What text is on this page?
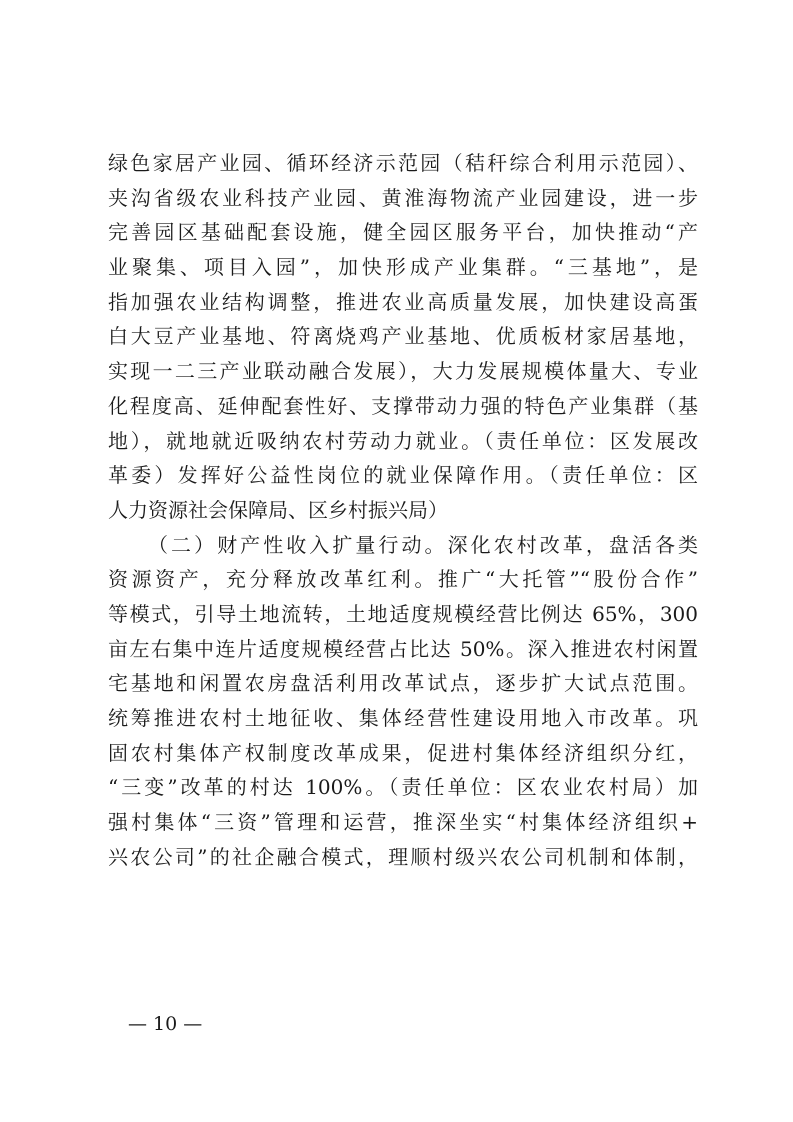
绿色家居产业园、循环经济示范园（秸秆综合利用示范园）、
夹沟省级农业科技产业园、黄淮海物流产业园建设，进一步
完善园区基础配套设施，健全园区服务平台，加快推动“产
业聚集、项目入园”，加快形成产业集群。“三基地”，是
指加强农业结构调整，推进农业高质量发展，加快建设高蛋
白大豆产业基地、符离烧鸡产业基地、优质板材家居基地，
实现一二三产业联动融合发展），大力发展规模体量大、专业
化程度高、延伸配套性好、支撑带动力强的特色产业集群（基
地），就地就近吸纳农村劳动力就业。（责任单位：区发展改
革委）发挥好公益性岗位的就业保障作用。（责任单位：区
人力资源社会保障局、区乡村振兴局）
（二）财产性收入扩量行动。深化农村改革，盘活各类
资源资产，充分释放改革红利。推广“大托管”“股份合作”
等模式，引导土地流转，土地适度规模经营比例达 65%，300
亩左右集中连片适度规模经营占比达 50%。深入推进农村闲置
宅基地和闲置农房盘活利用改革试点，逐步扩大试点范围。
统筹推进农村土地征收、集体经营性建设用地入市改革。巩
固农村集体产权制度改革成果，促进村集体经济组织分红，
“三变”改革的村达 100%。（责任单位：区农业农村局）加
强村集体“三资”管理和运营，推深坐实“村集体经济组织+
兴农公司”的社企融合模式，理顺村级兴农公司机制和体制，
— 10 —
